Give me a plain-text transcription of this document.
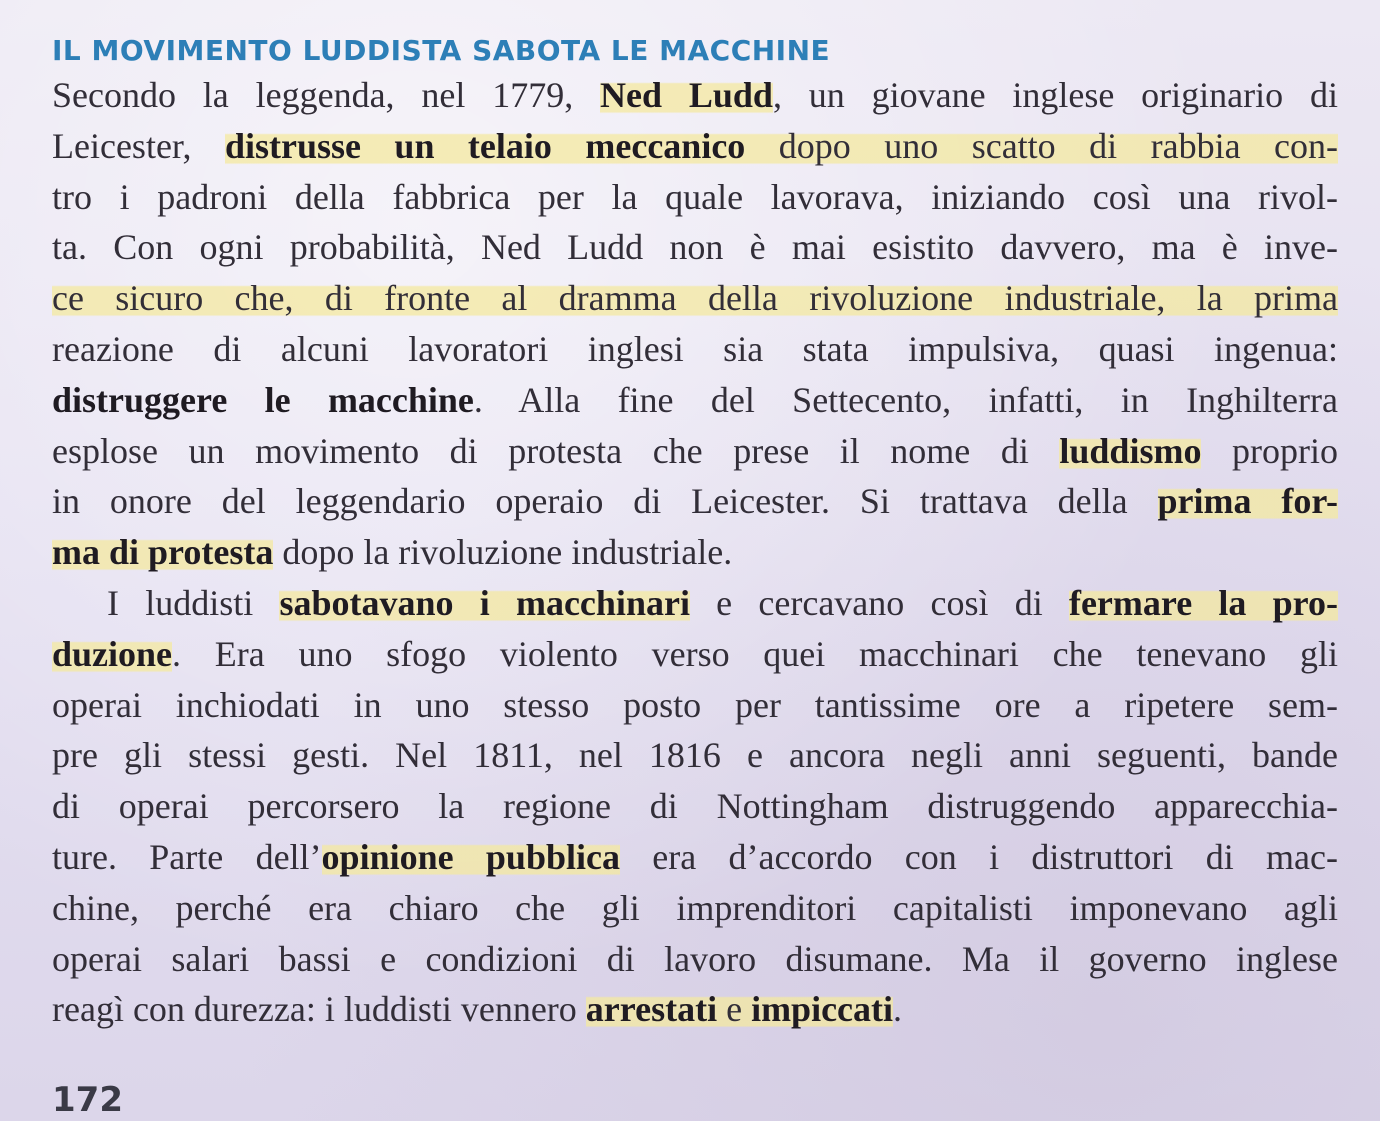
IL MOVIMENTO LUDDISTA SABOTA LE MACCHINE
Secondo la leggenda, nel 1779, Ned Ludd, un giovane inglese originario di
Leicester, distrusse un telaio meccanico dopo uno scatto di rabbia con-
tro i padroni della fabbrica per la quale lavorava, iniziando così una rivol-
ta. Con ogni probabilità, Ned Ludd non è mai esistito davvero, ma è inve-
ce sicuro che, di fronte al dramma della rivoluzione industriale, la prima
reazione di alcuni lavoratori inglesi sia stata impulsiva, quasi ingenua:
distruggere le macchine. Alla fine del Settecento, infatti, in Inghilterra
esplose un movimento di protesta che prese il nome di luddismo proprio
in onore del leggendario operaio di Leicester. Si trattava della prima for-
ma di protesta dopo la rivoluzione industriale.
I luddisti sabotavano i macchinari e cercavano così di fermare la pro-
duzione. Era uno sfogo violento verso quei macchinari che tenevano gli
operai inchiodati in uno stesso posto per tantissime ore a ripetere sem-
pre gli stessi gesti. Nel 1811, nel 1816 e ancora negli anni seguenti, bande
di operai percorsero la regione di Nottingham distruggendo apparecchia-
ture. Parte dell’opinione pubblica era d’accordo con i distruttori di mac-
chine, perché era chiaro che gli imprenditori capitalisti imponevano agli
operai salari bassi e condizioni di lavoro disumane. Ma il governo inglese
reagì con durezza: i luddisti vennero arrestati e impiccati.
172
